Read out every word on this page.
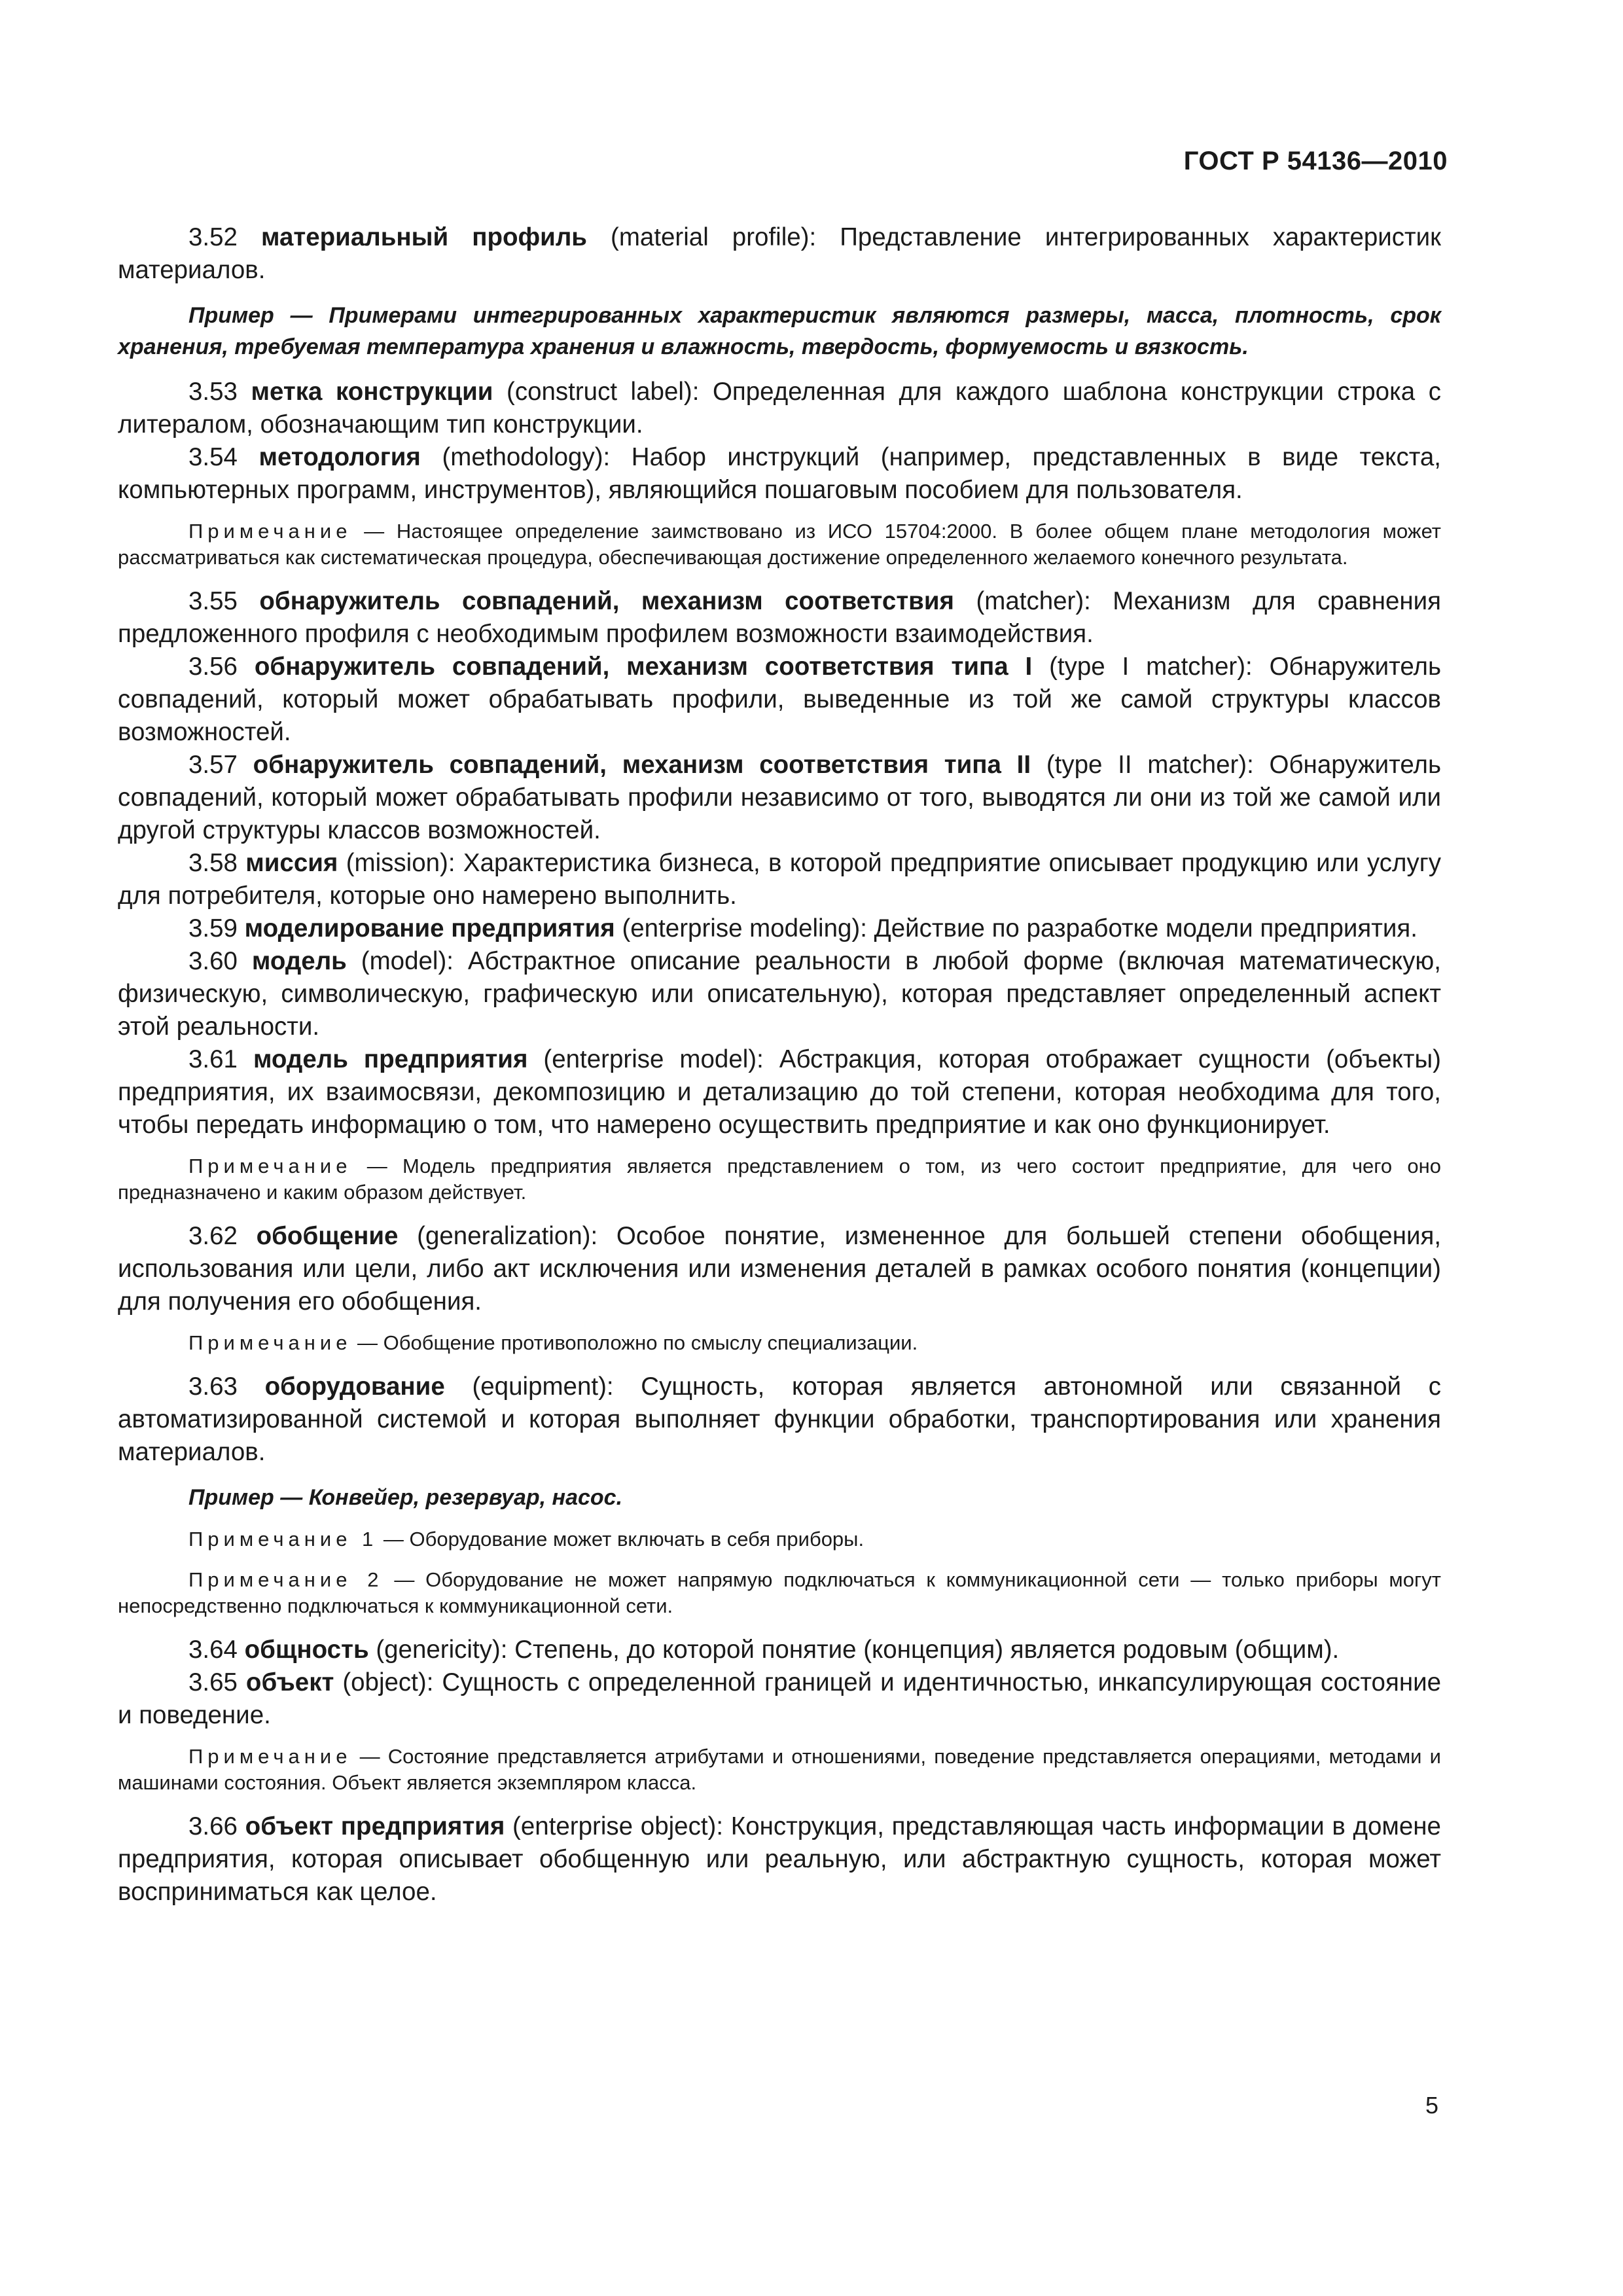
ГОСТ Р 54136—2010

3.52 материальный профиль (material profile): Представление интегрированных характеристик материалов.

Пример — Примерами интегрированных характеристик являются размеры, масса, плотность, срок хранения, требуемая температура хранения и влажность, твердость, формуемость и вязкость.

3.53 метка конструкции (construct label): Определенная для каждого шаблона конструкции строка с литералом, обозначающим тип конструкции.

3.54 методология (methodology): Набор инструкций (например, представленных в виде текста, компьютерных программ, инструментов), являющийся пошаговым пособием для пользователя.

Примечание — Настоящее определение заимствовано из ИСО 15704:2000. В более общем плане методология может рассматриваться как систематическая процедура, обеспечивающая достижение определенного желаемого конечного результата.

3.55 обнаружитель совпадений, механизм соответствия (matcher): Механизм для сравнения предложенного профиля с необходимым профилем возможности взаимодействия.

3.56 обнаружитель совпадений, механизм соответствия типа I (type I matcher): Обнаружитель совпадений, который может обрабатывать профили, выведенные из той же самой структуры классов возможностей.

3.57 обнаружитель совпадений, механизм соответствия типа II (type II matcher): Обнаружитель совпадений, который может обрабатывать профили независимо от того, выводятся ли они из той же самой или другой структуры классов возможностей.

3.58 миссия (mission): Характеристика бизнеса, в которой предприятие описывает продукцию или услугу для потребителя, которые оно намерено выполнить.

3.59 моделирование предприятия (enterprise modeling): Действие по разработке модели предприятия.

3.60 модель (model): Абстрактное описание реальности в любой форме (включая математическую, физическую, символическую, графическую или описательную), которая представляет определенный аспект этой реальности.

3.61 модель предприятия (enterprise model): Абстракция, которая отображает сущности (объекты) предприятия, их взаимосвязи, декомпозицию и детализацию до той степени, которая необходима для того, чтобы передать информацию о том, что намерено осуществить предприятие и как оно функционирует.

Примечание — Модель предприятия является представлением о том, из чего состоит предприятие, для чего оно предназначено и каким образом действует.

3.62 обобщение (generalization): Особое понятие, измененное для большей степени обобщения, использования или цели, либо акт исключения или изменения деталей в рамках особого понятия (концепции) для получения его обобщения.

Примечание — Обобщение противоположно по смыслу специализации.

3.63 оборудование (equipment): Сущность, которая является автономной или связанной с автоматизированной системой и которая выполняет функции обработки, транспортирования или хранения материалов.

Пример — Конвейер, резервуар, насос.

Примечание 1 — Оборудование может включать в себя приборы.

Примечание 2 — Оборудование не может напрямую подключаться к коммуникационной сети — только приборы могут непосредственно подключаться к коммуникационной сети.

3.64 общность (genericity): Степень, до которой понятие (концепция) является родовым (общим).

3.65 объект (object): Сущность с определенной границей и идентичностью, инкапсулирующая состояние и поведение.

Примечание — Состояние представляется атрибутами и отношениями, поведение представляется операциями, методами и машинами состояния. Объект является экземпляром класса.

3.66 объект предприятия (enterprise object): Конструкция, представляющая часть информации в домене предприятия, которая описывает обобщенную или реальную, или абстрактную сущность, которая может восприниматься как целое.

5
